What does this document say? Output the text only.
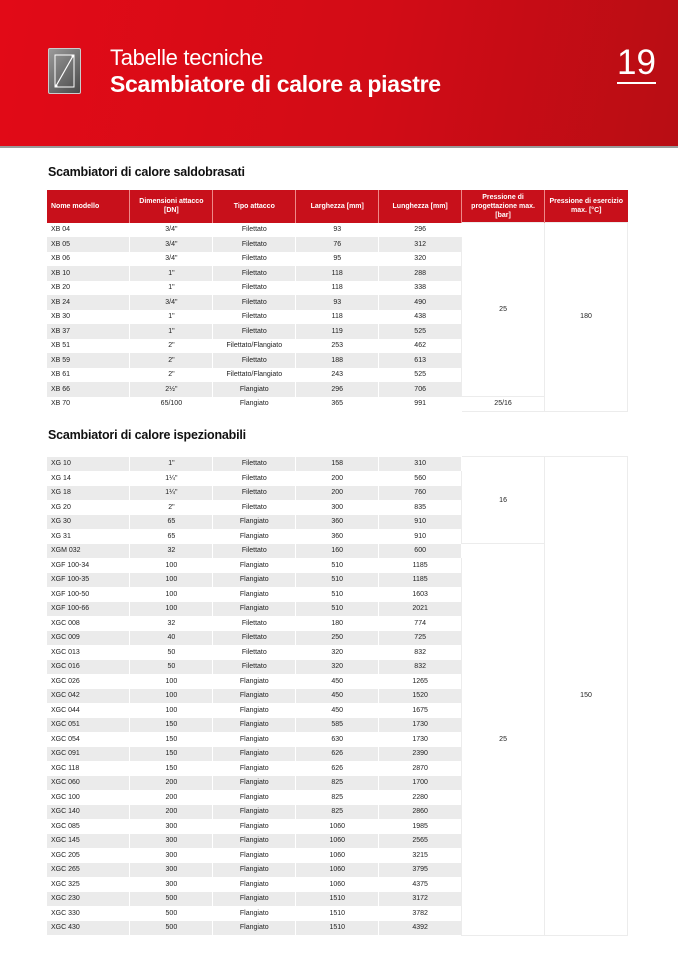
Tabelle tecniche
Scambiatore di calore a piastre
19
Scambiatori di calore saldobrasati
Nome modello	Dimensioni attacco [DN]	Tipo attacco	Larghezza [mm]	Lunghezza [mm]	Pressione di progettazione max. [bar]	Pressione di esercizio max. [°C]
XB 04	3/4"	Filettato	93	296	25	180
XB 05	3/4"	Filettato	76	312		
XB 06	3/4"	Filettato	95	320		
XB 10	1"	Filettato	118	288		
XB 20	1"	Filettato	118	338		
XB 24	3/4"	Filettato	93	490		
XB 30	1"	Filettato	118	438		
XB 37	1"	Filettato	119	525		
XB 51	2"	Filettato/Flangiato	253	462		
XB 59	2"	Filettato	188	613		
XB 61	2"	Filettato/Flangiato	243	525		
XB 66	2½"	Flangiato	296	706		
XB 70	65/100	Flangiato	365	991	25/16	
Scambiatori di calore ispezionabili
XG 10	1"	Filettato	158	310	16	150
XG 14	1¼"	Filettato	200	560		
XG 18	1¼"	Filettato	200	760		
XG 20	2"	Filettato	300	835		
XG 30	65	Flangiato	360	910		
XG 31	65	Flangiato	360	910		
XGM 032	32	Filettato	160	600	25	
XGF 100-34	100	Flangiato	510	1185		
XGF 100-35	100	Flangiato	510	1185		
XGF 100-50	100	Flangiato	510	1603		
XGF 100-66	100	Flangiato	510	2021		
XGC 008	32	Filettato	180	774		
XGC 009	40	Filettato	250	725		
XGC 013	50	Filettato	320	832		
XGC 016	50	Filettato	320	832		
XGC 026	100	Flangiato	450	1265		
XGC 042	100	Flangiato	450	1520		
XGC 044	100	Flangiato	450	1675		
XGC 051	150	Flangiato	585	1730		
XGC 054	150	Flangiato	630	1730		
XGC 091	150	Flangiato	626	2390		
XGC 118	150	Flangiato	626	2870		
XGC 060	200	Flangiato	825	1700		
XGC 100	200	Flangiato	825	2280		
XGC 140	200	Flangiato	825	2860		
XGC 085	300	Flangiato	1060	1985		
XGC 145	300	Flangiato	1060	2565		
XGC 205	300	Flangiato	1060	3215		
XGC 265	300	Flangiato	1060	3795		
XGC 325	300	Flangiato	1060	4375		
XGC 230	500	Flangiato	1510	3172		
XGC 330	500	Flangiato	1510	3782		
XGC 430	500	Flangiato	1510	4392		
